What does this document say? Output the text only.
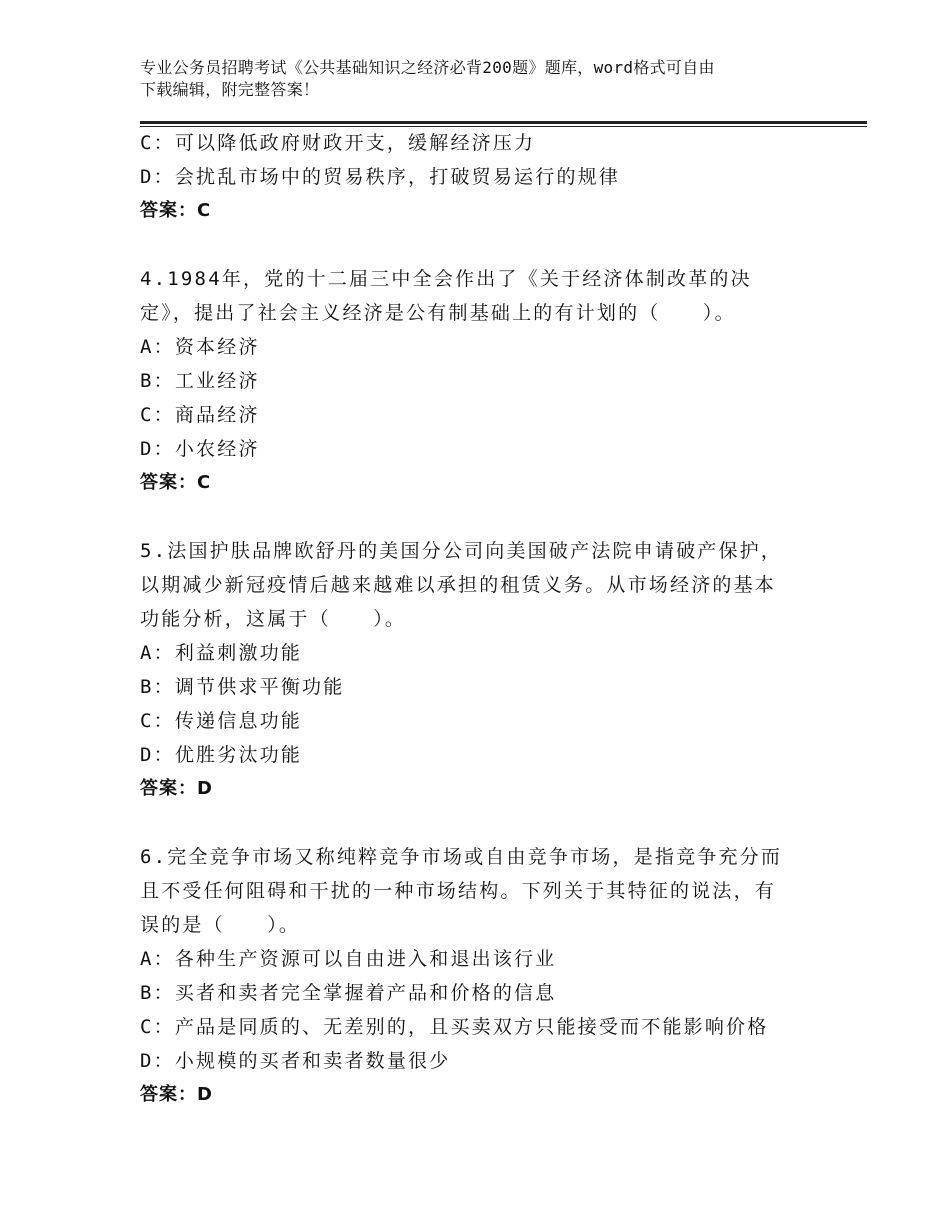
专业公务员招聘考试《公共基础知识之经济必背200题》题库，word格式可自由
下载编辑，附完整答案！
C：可以降低政府财政开支，缓解经济压力
D：会扰乱市场中的贸易秩序，打破贸易运行的规律
答案：C
4.1984年，党的十二届三中全会作出了《关于经济体制改革的决
定》，提出了社会主义经济是公有制基础上的有计划的（　　）。
A：资本经济
B：工业经济
C：商品经济
D：小农经济
答案：C
5.法国护肤品牌欧舒丹的美国分公司向美国破产法院申请破产保护，
以期减少新冠疫情后越来越难以承担的租赁义务。从市场经济的基本
功能分析，这属于（　　）。
A：利益刺激功能
B：调节供求平衡功能
C：传递信息功能
D：优胜劣汰功能
答案：D
6.完全竞争市场又称纯粹竞争市场或自由竞争市场，是指竞争充分而
且不受任何阻碍和干扰的一种市场结构。下列关于其特征的说法，有
误的是（　　）。
A：各种生产资源可以自由进入和退出该行业
B：买者和卖者完全掌握着产品和价格的信息
C：产品是同质的、无差别的，且买卖双方只能接受而不能影响价格
D：小规模的买者和卖者数量很少
答案：D
